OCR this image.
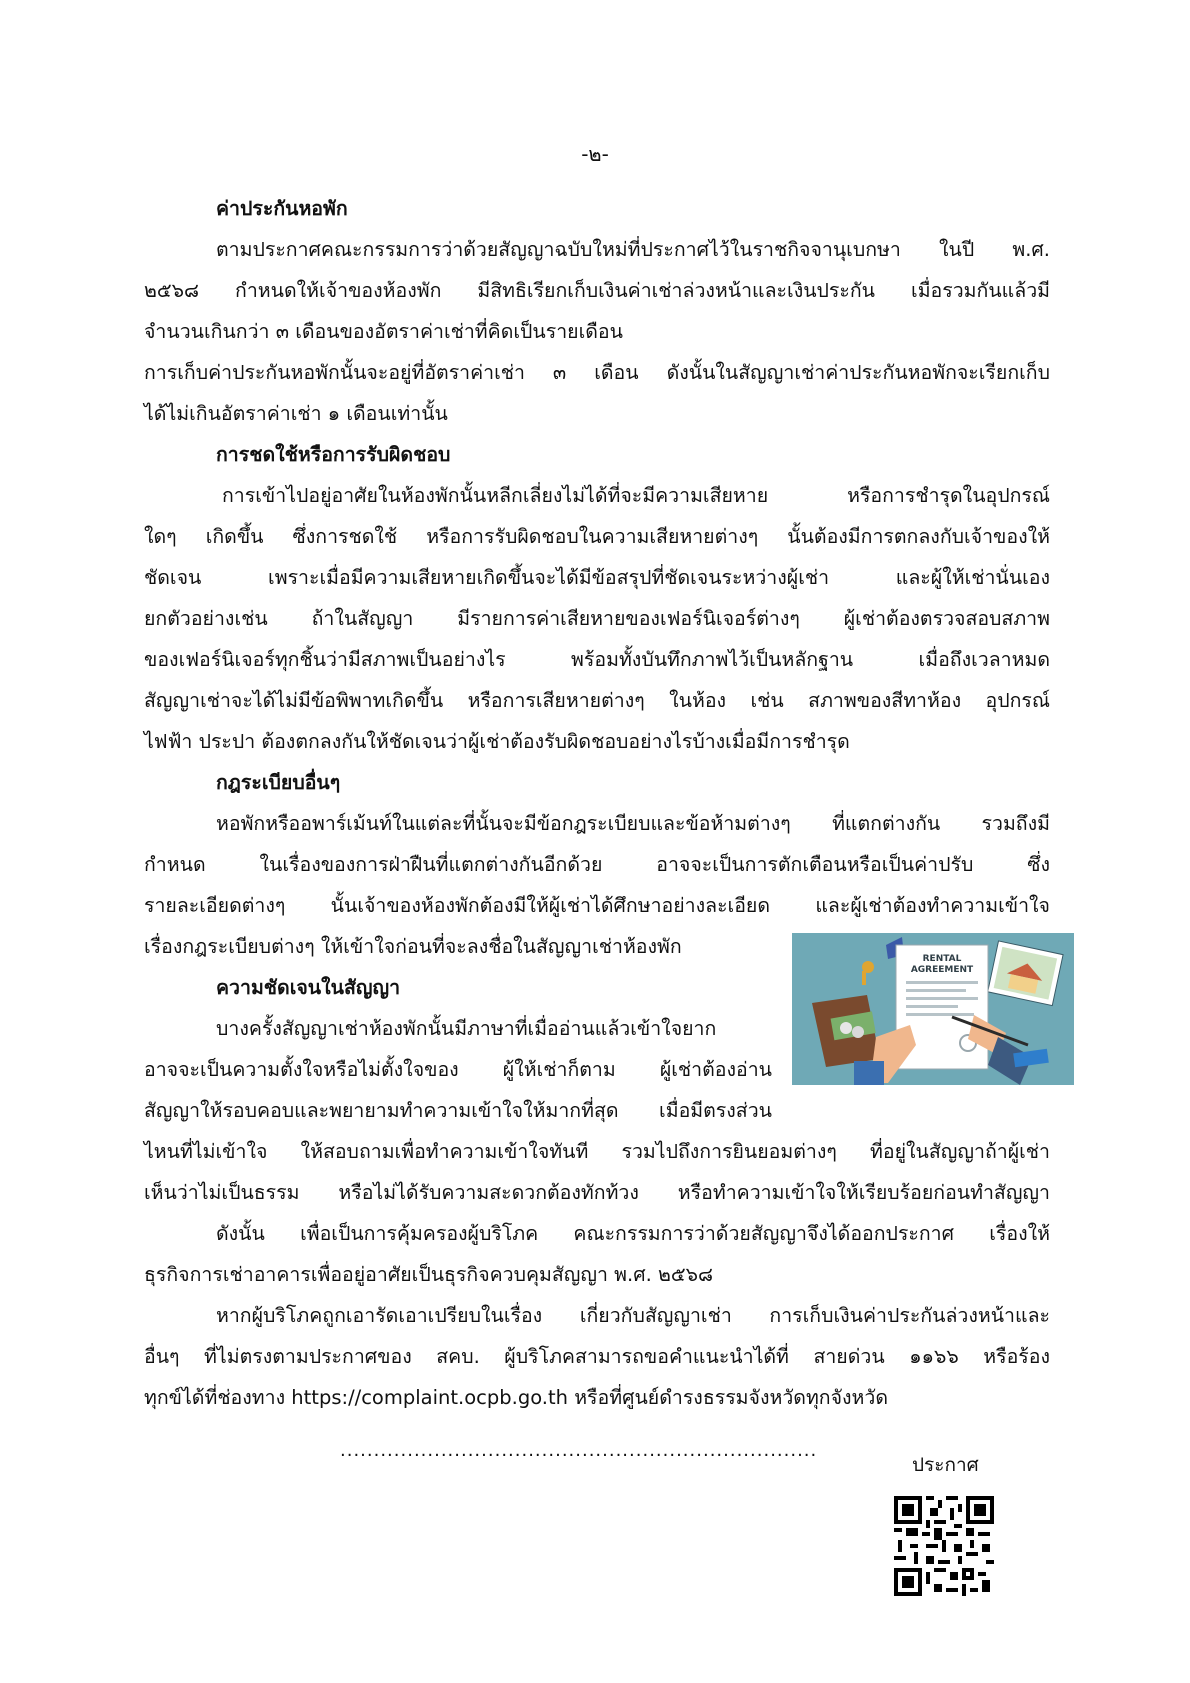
-๒-
ค่าประกันหอพัก
ตามประกาศคณะกรรมการว่าด้วยสัญญาฉบับใหม่ที่ประกาศไว้ในราชกิจจานุเบกษา ในปี พ.ศ.
๒๕๖๘ กำหนดให้เจ้าของห้องพัก มีสิทธิเรียกเก็บเงินค่าเช่าล่วงหน้าและเงินประกัน เมื่อรวมกันแล้วมี
จำนวนเกินกว่า ๓ เดือนของอัตราค่าเช่าที่คิดเป็นรายเดือน
การเก็บค่าประกันหอพักนั้นจะอยู่ที่อัตราค่าเช่า ๓ เดือน ดังนั้นในสัญญาเช่าค่าประกันหอพักจะเรียกเก็บ
ได้ไม่เกินอัตราค่าเช่า ๑ เดือนเท่านั้น
การชดใช้หรือการรับผิดชอบ
การเข้าไปอยู่อาศัยในห้องพักนั้นหลีกเลี่ยงไม่ได้ที่จะมีความเสียหาย หรือการชำรุดในอุปกรณ์
ใดๆ เกิดขึ้น ซึ่งการชดใช้ หรือการรับผิดชอบในความเสียหายต่างๆ นั้นต้องมีการตกลงกับเจ้าของให้
ชัดเจน เพราะเมื่อมีความเสียหายเกิดขึ้นจะได้มีข้อสรุปที่ชัดเจนระหว่างผู้เช่า และผู้ให้เช่านั่นเอง
ยกตัวอย่างเช่น ถ้าในสัญญา มีรายการค่าเสียหายของเฟอร์นิเจอร์ต่างๆ ผู้เช่าต้องตรวจสอบสภาพ
ของเฟอร์นิเจอร์ทุกชิ้นว่ามีสภาพเป็นอย่างไร พร้อมทั้งบันทึกภาพไว้เป็นหลักฐาน เมื่อถึงเวลาหมด
สัญญาเช่าจะได้ไม่มีข้อพิพาทเกิดขึ้น หรือการเสียหายต่างๆ ในห้อง เช่น สภาพของสีทาห้อง อุปกรณ์
ไฟฟ้า ประปา ต้องตกลงกันให้ชัดเจนว่าผู้เช่าต้องรับผิดชอบอย่างไรบ้างเมื่อมีการชำรุด
กฎระเบียบอื่นๆ
หอพักหรืออพาร์เม้นท์ในแต่ละที่นั้นจะมีข้อกฎระเบียบและข้อห้ามต่างๆ ที่แตกต่างกัน รวมถึงมี
กำหนด ในเรื่องของการฝ่าฝืนที่แตกต่างกันอีกด้วย อาจจะเป็นการตักเตือนหรือเป็นค่าปรับ ซึ่ง
รายละเอียดต่างๆ นั้นเจ้าของห้องพักต้องมีให้ผู้เช่าได้ศึกษาอย่างละเอียด และผู้เช่าต้องทำความเข้าใจ
เรื่องกฎระเบียบต่างๆ ให้เข้าใจก่อนที่จะลงชื่อในสัญญาเช่าห้องพัก
ความชัดเจนในสัญญา
บางครั้งสัญญาเช่าห้องพักนั้นมีภาษาที่เมื่ออ่านแล้วเข้าใจยาก
อาจจะเป็นความตั้งใจหรือไม่ตั้งใจของ ผู้ให้เช่าก็ตาม ผู้เช่าต้องอ่าน
สัญญาให้รอบคอบและพยายามทำความเข้าใจให้มากที่สุด เมื่อมีตรงส่วน
ไหนที่ไม่เข้าใจ ให้สอบถามเพื่อทำความเข้าใจทันที รวมไปถึงการยินยอมต่างๆ ที่อยู่ในสัญญาถ้าผู้เช่า
เห็นว่าไม่เป็นธรรม หรือไม่ได้รับความสะดวกต้องทักท้วง หรือทำความเข้าใจให้เรียบร้อยก่อนทำสัญญา
ดังนั้น เพื่อเป็นการคุ้มครองผู้บริโภค คณะกรรมการว่าด้วยสัญญาจึงได้ออกประกาศ เรื่องให้
ธุรกิจการเช่าอาคารเพื่ออยู่อาศัยเป็นธุรกิจควบคุมสัญญา พ.ศ. ๒๕๖๘
หากผู้บริโภคถูกเอารัดเอาเปรียบในเรื่อง เกี่ยวกับสัญญาเช่า การเก็บเงินค่าประกันล่วงหน้าและ
อื่นๆ ที่ไม่ตรงตามประกาศของ สคบ. ผู้บริโภคสามารถขอคำแนะนำได้ที่ สายด่วน ๑๑๖๖ หรือร้อง
ทุกข์ได้ที่ช่องทาง https://complaint.ocpb.go.th หรือที่ศูนย์ดำรงธรรมจังหวัดทุกจังหวัด
RENTAL
AGREEMENT
.......................................................................
ประกาศ
